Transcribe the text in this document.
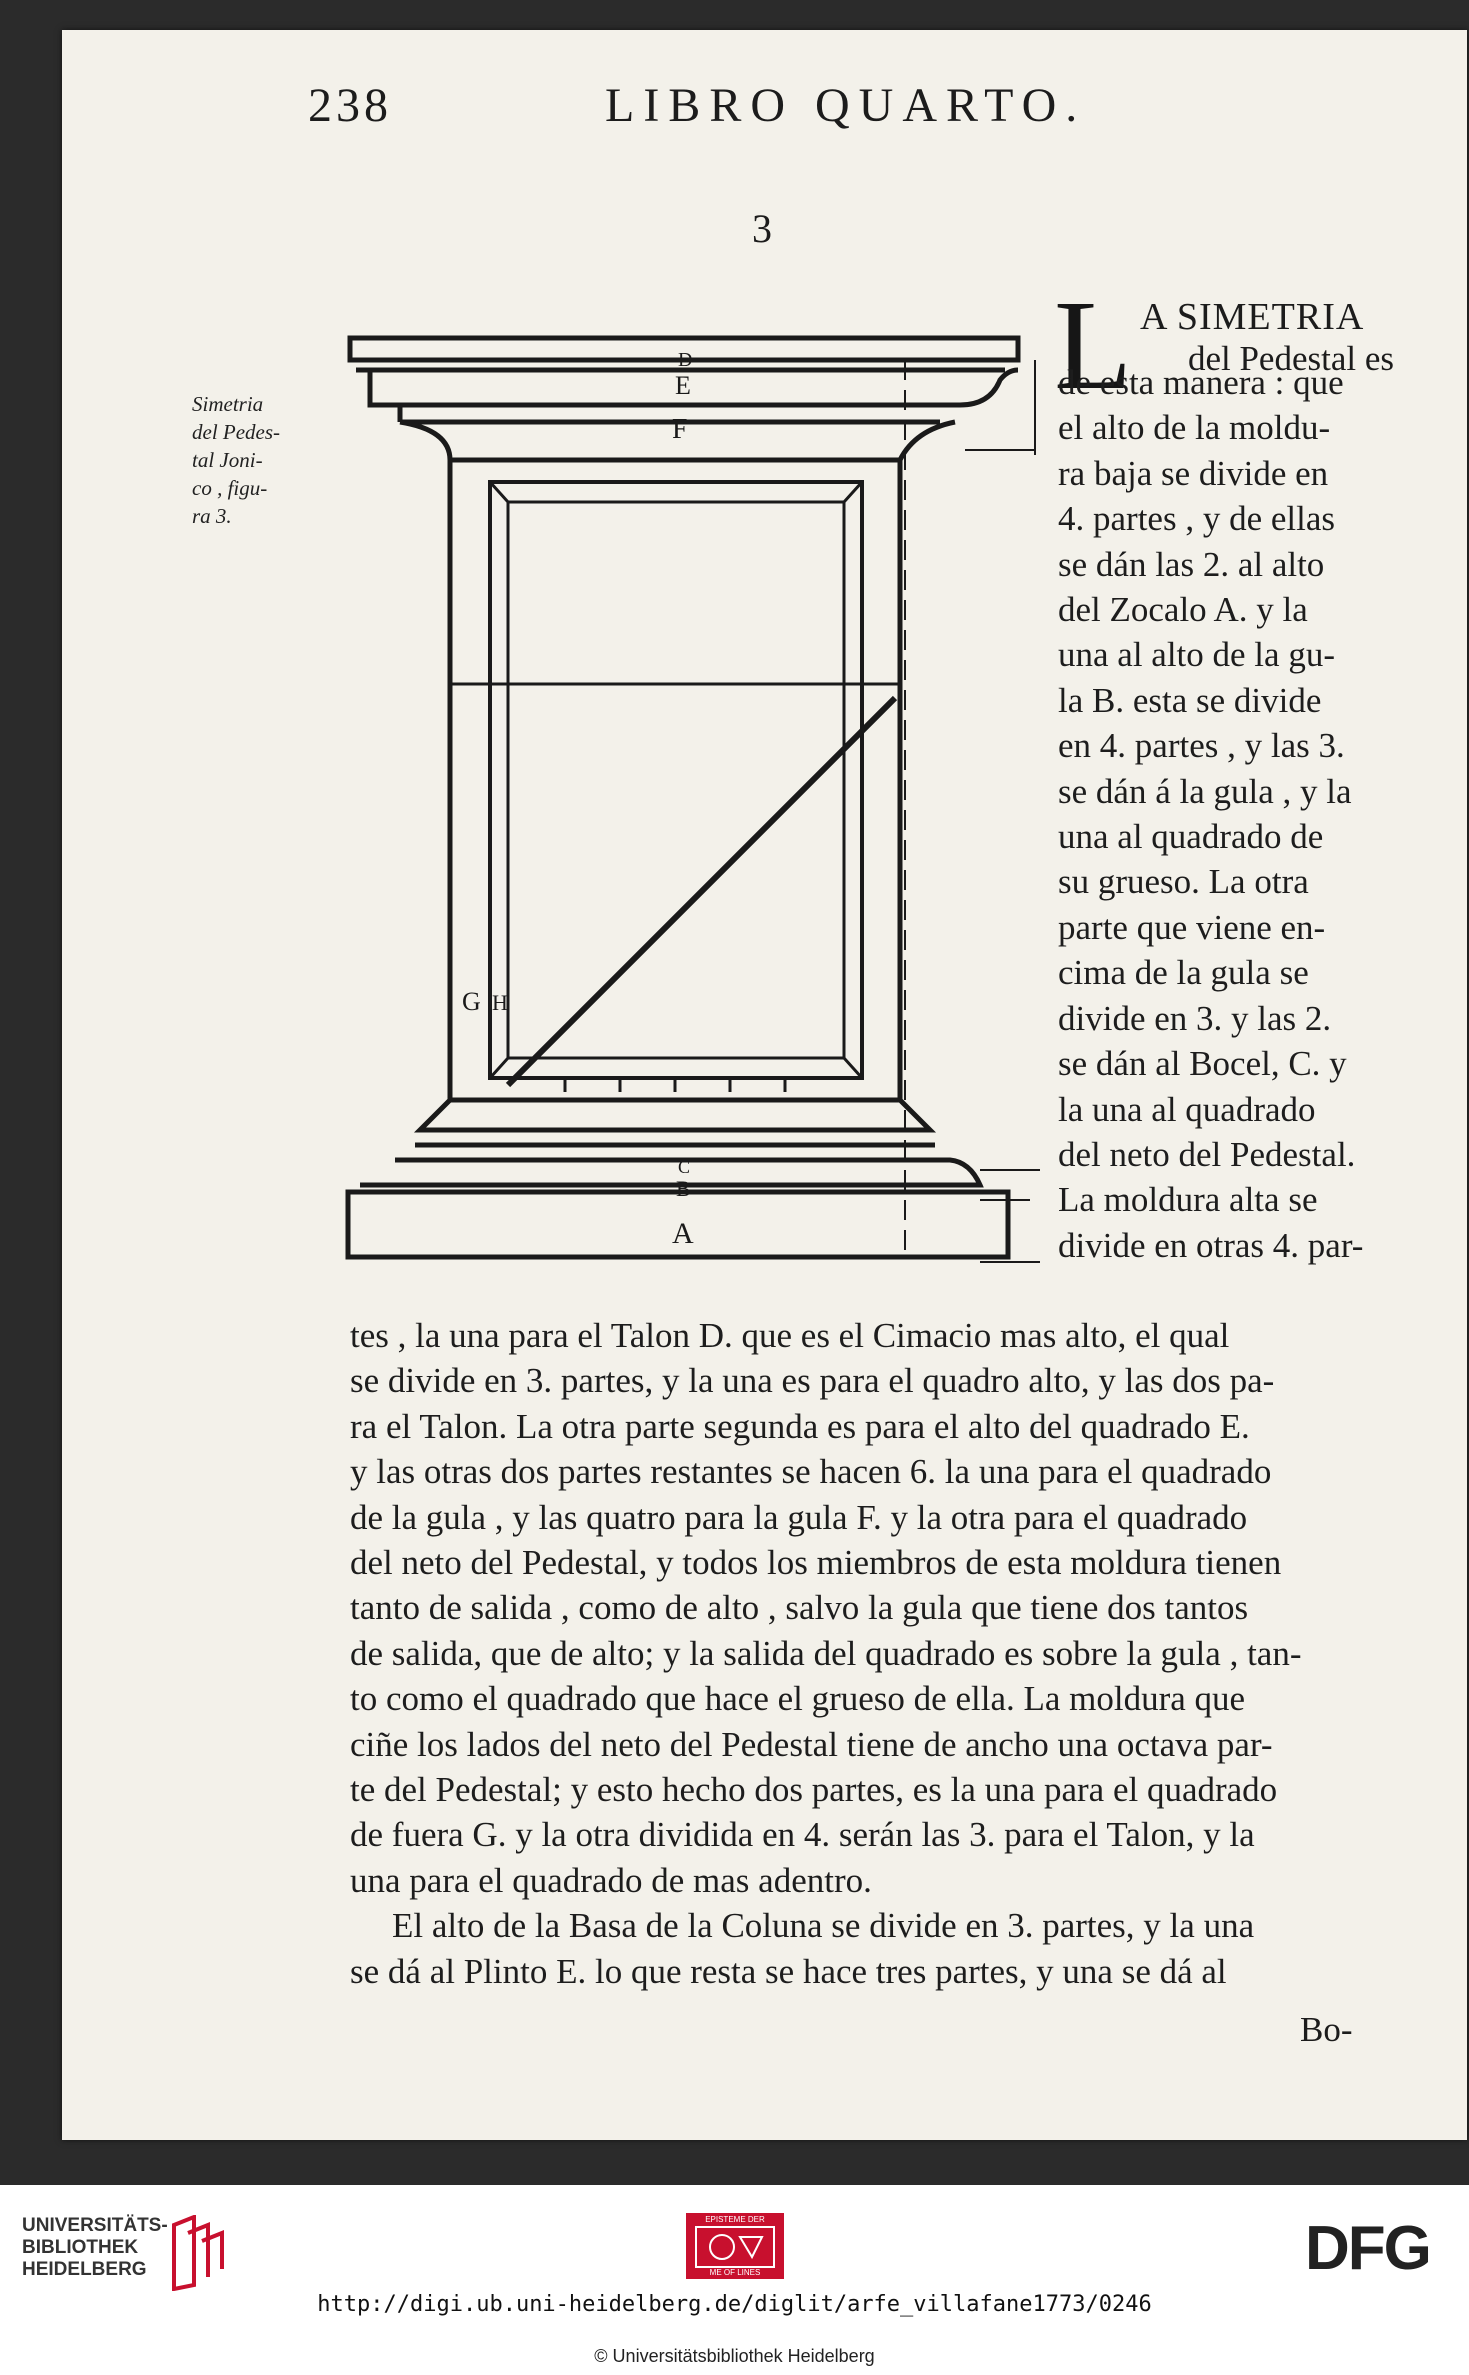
238	LIBRO QUARTO.
3
Simetria
del Pedes-
tal Joni-
co , figu-
ra 3.
D
E
F
G H
C
B
A
L A SIMETRIA
del Pedestal es
de esta manera : que
el alto de la moldu-
ra baja se divide en
4. partes , y de ellas
se dán las 2. al alto
del Zocalo A. y la
una al alto de la gu-
la B. esta se divide
en 4. partes , y las 3.
se dán á la gula , y la
una al quadrado de
su grueso. La otra
parte que viene en-
cima de la gula se
divide en 3. y las 2.
se dán al Bocel, C. y
la una al quadrado
del neto del Pedestal.
La moldura alta se
divide en otras 4. par-
tes , la una para el Talon D. que es el Cimacio mas alto, el qual
se divide en 3. partes, y la una es para el quadro alto, y las dos pa-
ra el Talon. La otra parte segunda es para el alto del quadrado E.
y las otras dos partes restantes se hacen 6. la una para el quadrado
de la gula , y las quatro para la gula F. y la otra para el quadrado
del neto del Pedestal, y todos los miembros de esta moldura tienen
tanto de salida , como de alto , salvo la gula que tiene dos tantos
de salida, que de alto; y la salida del quadrado es sobre la gula , tan-
to como el quadrado que hace el grueso de ella. La moldura que
ciñe los lados del neto del Pedestal tiene de ancho una octava par-
te del Pedestal; y esto hecho dos partes, es la una para el quadrado
de fuera G. y la otra dividida en 4. serán las 3. para el Talon, y la
una para el quadrado de mas adentro.
El alto de la Basa de la Coluna se divide en 3. partes, y la una
se dá al Plinto E. lo que resta se hace tres partes, y una se dá al
Bo-
UNIVERSITÄTS-
BIBLIOTHEK
HEIDELBERG
EPISTEME DER
ME OF LINES	DFG
http://digi.ub.uni-heidelberg.de/diglit/arfe_villafane1773/0246
© Universitätsbibliothek Heidelberg
